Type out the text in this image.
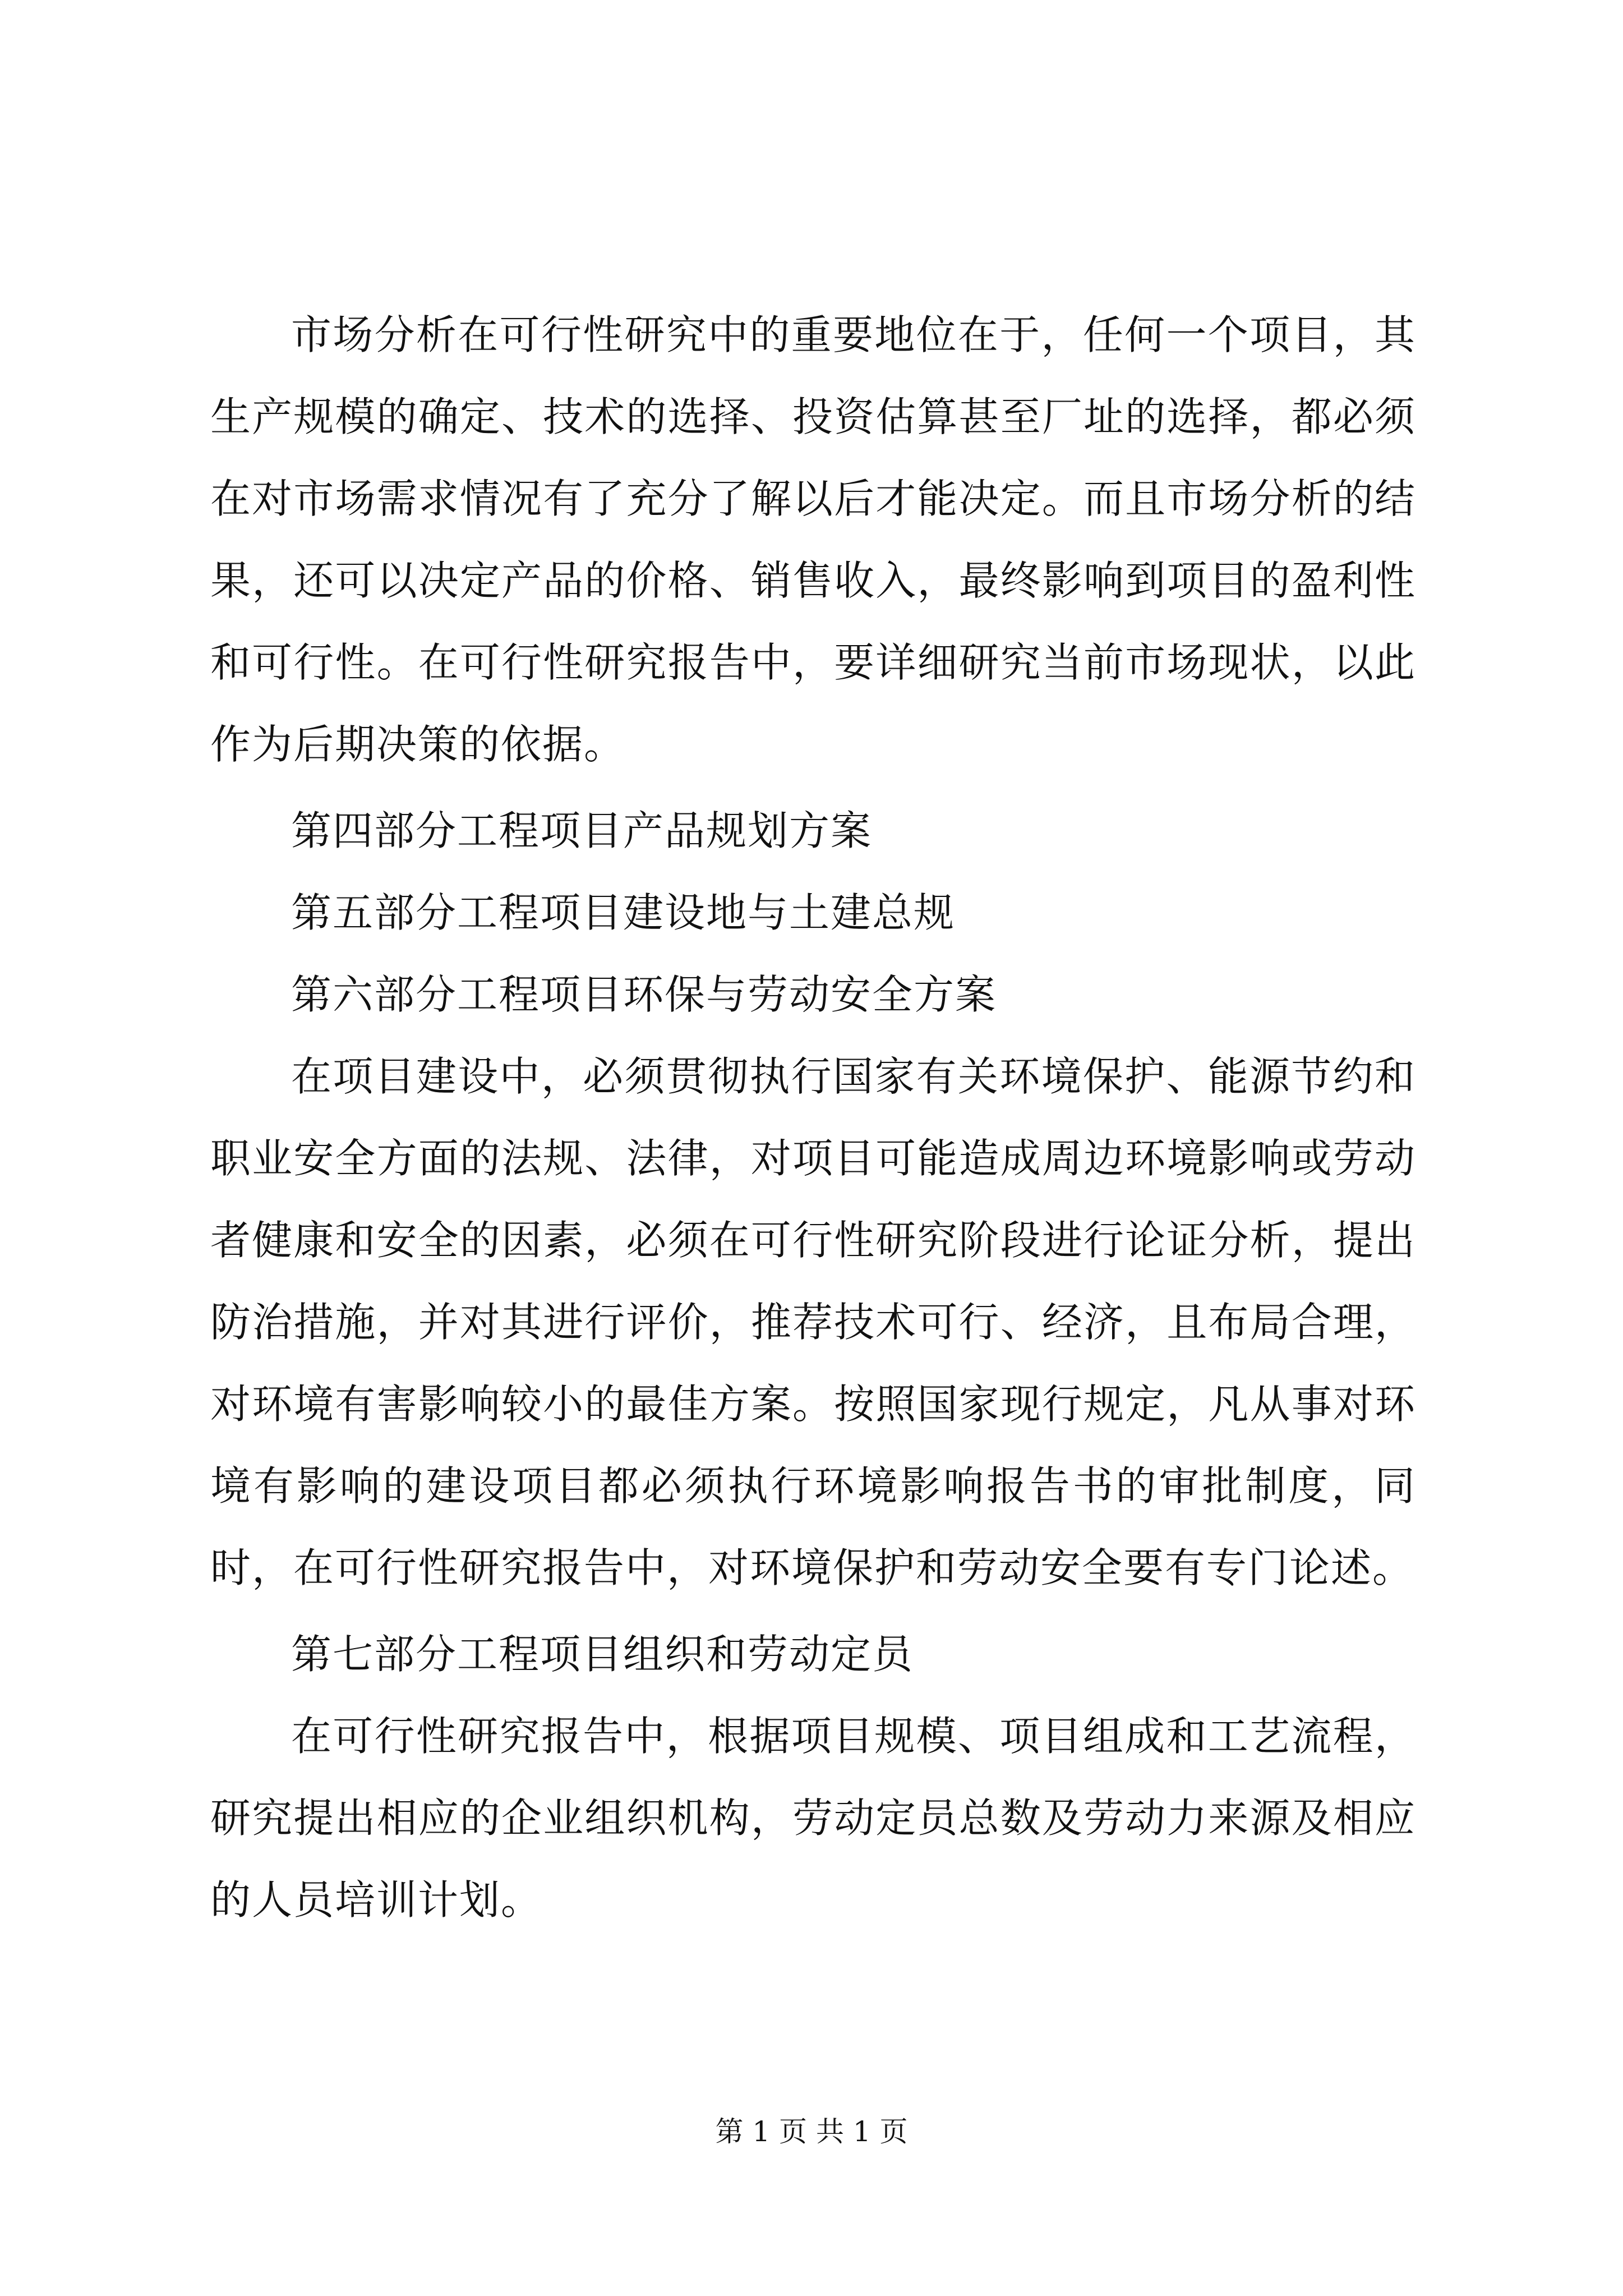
市场分析在可行性研究中的重要地位在于，任何一个项目，其生产规模的确定、技术的选择、投资估算甚至厂址的选择，都必须在对市场需求情况有了充分了解以后才能决定。而且市场分析的结果，还可以决定产品的价格、销售收入，最终影响到项目的盈利性和可行性。在可行性研究报告中，要详细研究当前市场现状，以此作为后期决策的依据。

第四部分工程项目产品规划方案

第五部分工程项目建设地与土建总规

第六部分工程项目环保与劳动安全方案

在项目建设中，必须贯彻执行国家有关环境保护、能源节约和职业安全方面的法规、法律，对项目可能造成周边环境影响或劳动者健康和安全的因素，必须在可行性研究阶段进行论证分析，提出防治措施，并对其进行评价，推荐技术可行、经济，且布局合理，对环境有害影响较小的最佳方案。按照国家现行规定，凡从事对环境有影响的建设项目都必须执行环境影响报告书的审批制度，同时，在可行性研究报告中，对环境保护和劳动安全要有专门论述。

第七部分工程项目组织和劳动定员

在可行性研究报告中，根据项目规模、项目组成和工艺流程，研究提出相应的企业组织机构，劳动定员总数及劳动力来源及相应的人员培训计划。

第 1 页 共 1 页
